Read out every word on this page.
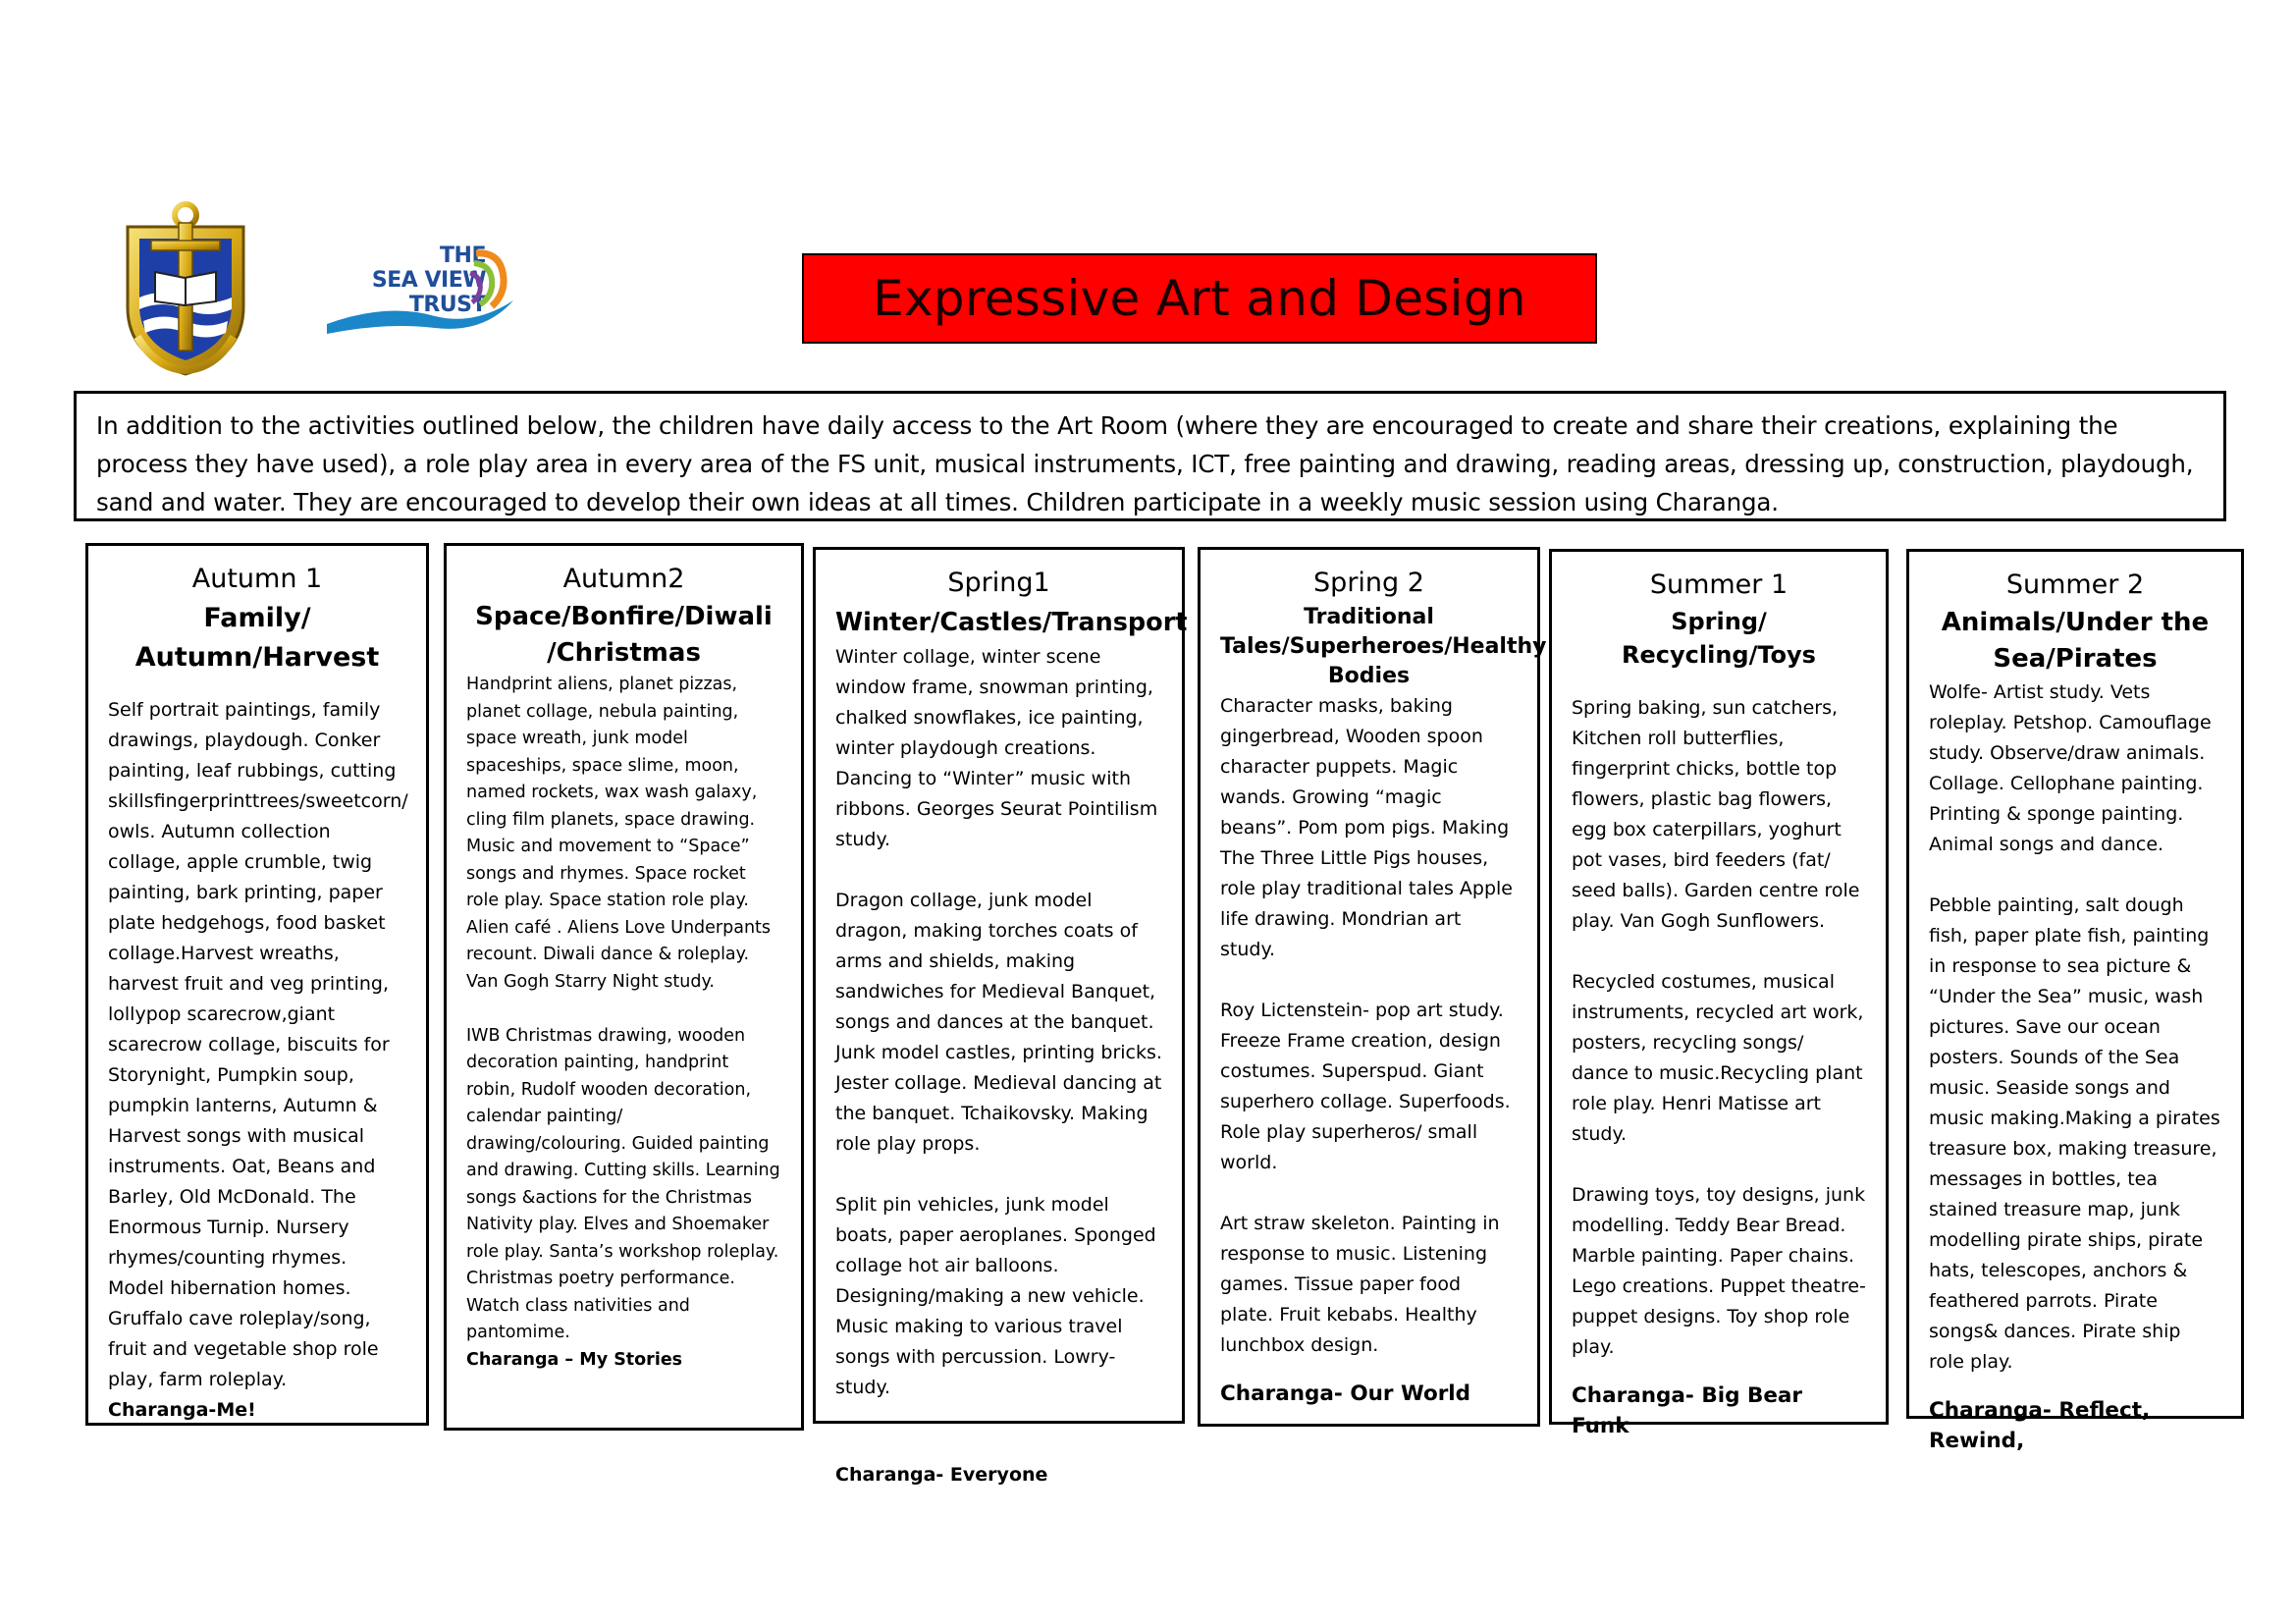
THE
SEA VIEW
TRUST	Expressive Art and Design

In addition to the activities outlined below, the children have daily access to the Art Room (where they are encouraged to create and share their creations, explaining the process they have used), a role play area in every area of the FS unit, musical instruments, ICT, free painting and drawing, reading areas, dressing up, construction, playdough, sand and water. They are encouraged to develop their own ideas at all times. Children participate in a weekly music session using Charanga.

Autumn 1
Family/
Autumn/Harvest

Self portrait paintings, family drawings, playdough. Conker painting, leaf rubbings, cutting skillsfingerprinttrees/sweetcorn/ owls. Autumn collection collage, apple crumble, twig painting, bark printing, paper plate hedgehogs, food basket collage.Harvest wreaths, harvest fruit and veg printing, lollypop scarecrow,giant scarecrow collage, biscuits for Storynight, Pumpkin soup, pumpkin lanterns, Autumn & Harvest songs with musical instruments. Oat, Beans and Barley, Old McDonald. The Enormous Turnip. Nursery rhymes/counting rhymes. Model hibernation homes. Gruffalo cave roleplay/song, fruit and vegetable shop role play, farm roleplay.

Charanga-Me!

Autumn2
Space/Bonfire/Diwali
/Christmas

Handprint aliens, planet pizzas, planet collage, nebula painting, space wreath, junk model spaceships, space slime, moon, named rockets, wax wash galaxy, cling film planets, space drawing. Music and movement to “Space” songs and rhymes. Space rocket role play. Space station role play. Alien café . Aliens Love Underpants recount. Diwali dance & roleplay. Van Gogh Starry Night study.

IWB Christmas drawing, wooden decoration painting, handprint robin, Rudolf wooden decoration, calendar painting/ drawing/colouring. Guided painting and drawing. Cutting skills. Learning songs &actions for the Christmas Nativity play. Elves and Shoemaker role play. Santa’s workshop roleplay. Christmas poetry performance. Watch class nativities and pantomime.

Charanga – My Stories

Spring1
Winter/Castles/Transport

Winter collage, winter scene window frame, snowman printing, chalked snowflakes, ice painting, winter playdough creations. Dancing to “Winter” music with ribbons. Georges Seurat Pointilism study.

Dragon collage, junk model dragon, making torches coats of arms and shields, making sandwiches for Medieval Banquet, songs and dances at the banquet. Junk model castles, printing bricks. Jester collage. Medieval dancing at the banquet. Tchaikovsky. Making role play props.

Split pin vehicles, junk model boats, paper aeroplanes. Sponged collage hot air balloons. Designing/making a new vehicle. Music making to various travel songs with percussion. Lowry- study.

Charanga- Everyone

Spring 2
Traditional Tales/Superheroes/Healthy Bodies

Character masks, baking gingerbread, Wooden spoon character puppets. Magic wands. Growing “magic beans”. Pom pom pigs. Making The Three Little Pigs houses, role play traditional tales Apple life drawing. Mondrian art study.

Roy Lictenstein- pop art study. Freeze Frame creation, design costumes. Superspud. Giant superhero collage. Superfoods. Role play superheros/ small world.

Art straw skeleton. Painting in response to music. Listening games. Tissue paper food plate. Fruit kebabs. Healthy lunchbox design.

Charanga- Our World

Summer 1
Spring/
Recycling/Toys

Spring baking, sun catchers, Kitchen roll butterflies, fingerprint chicks, bottle top flowers, plastic bag flowers, egg box caterpillars, yoghurt pot vases, bird feeders (fat/ seed balls). Garden centre role play. Van Gogh Sunflowers.

Recycled costumes, musical instruments, recycled art work, posters, recycling songs/ dance to music.Recycling plant role play. Henri Matisse art study.

Drawing toys, toy designs, junk modelling. Teddy Bear Bread. Marble painting. Paper chains. Lego creations. Puppet theatre- puppet designs. Toy shop role play.

Charanga- Big Bear Funk

Summer 2
Animals/Under the Sea/Pirates

Wolfe- Artist study. Vets roleplay. Petshop. Camouflage study. Observe/draw animals. Collage. Cellophane painting. Printing & sponge painting. Animal songs and dance.

Pebble painting, salt dough fish, paper plate fish, painting in response to sea picture & “Under the Sea” music, wash pictures. Save our ocean posters. Sounds of the Sea music. Seaside songs and music making.Making a pirates treasure box, making treasure, messages in bottles, tea stained treasure map, junk modelling pirate ships, pirate hats, telescopes, anchors & feathered parrots. Pirate songs& dances. Pirate ship role play.

Charanga- Reflect, Rewind,
